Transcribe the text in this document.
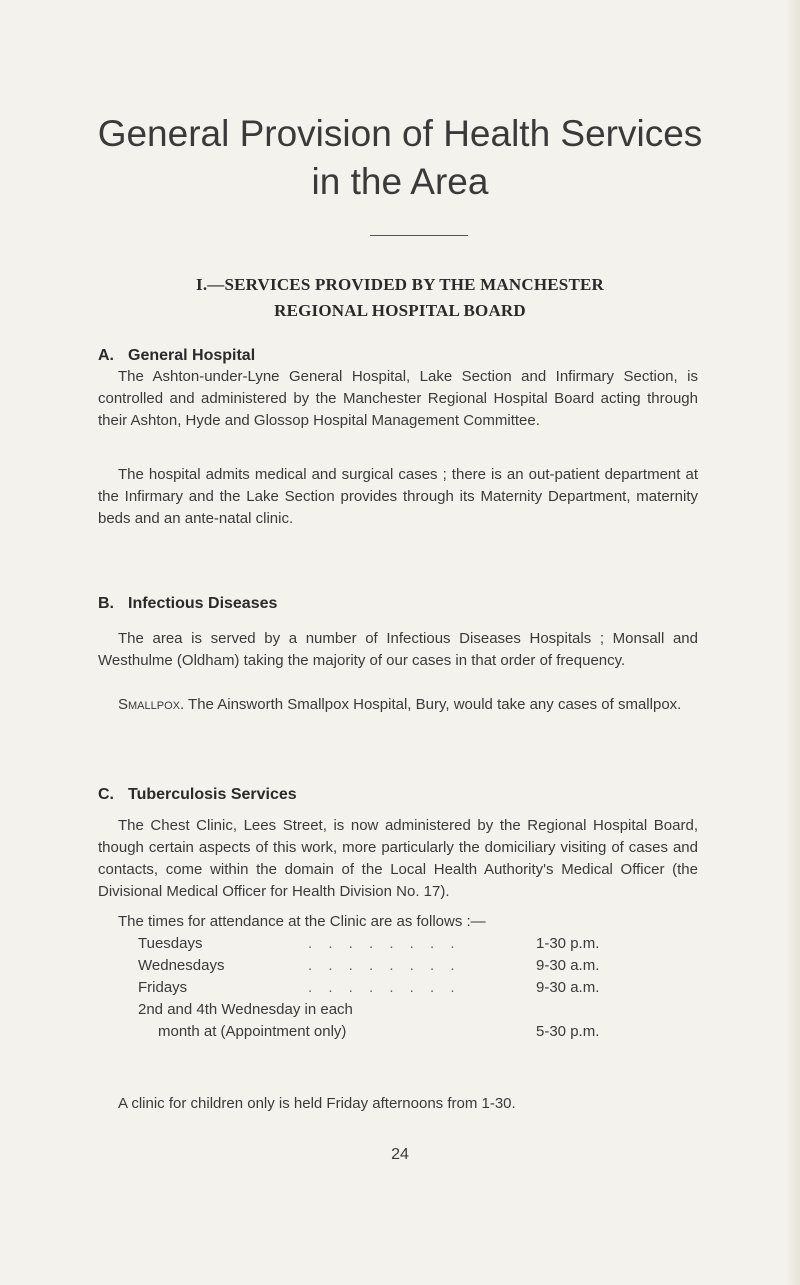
General Provision of Health Services
in the Area
I.—SERVICES PROVIDED BY THE MANCHESTER
REGIONAL HOSPITAL BOARD
A. General Hospital

The Ashton-under-Lyne General Hospital, Lake Section and Infirmary Section, is controlled and administered by the Manchester Regional Hospital Board acting through their Ashton, Hyde and Glossop Hospital Management Committee.

The hospital admits medical and surgical cases ; there is an out-patient department at the Infirmary and the Lake Section provides through its Maternity Department, maternity beds and an ante-natal clinic.

B. Infectious Diseases

The area is served by a number of Infectious Diseases Hospitals ; Monsall and Westhulme (Oldham) taking the majority of our cases in that order of frequency.

Smallpox. The Ainsworth Smallpox Hospital, Bury, would take any cases of smallpox.

C. Tuberculosis Services

The Chest Clinic, Lees Street, is now administered by the Regional Hospital Board, though certain aspects of this work, more particularly the domiciliary visiting of cases and contacts, come within the domain of the Local Health Authority's Medical Officer (the Divisional Medical Officer for Health Division No. 17).

The times for attendance at the Clinic are as follows :—

Tuesdays	. . . . . . . .	1-30 p.m.
Wednesdays	. . . . . . . .	9-30 a.m.
Fridays	. . . . . . . .	9-30 a.m.
2nd and 4th Wednesday in each
month at (Appointment only)	5-30 p.m.

A clinic for children only is held Friday afternoons from 1-30.

24
